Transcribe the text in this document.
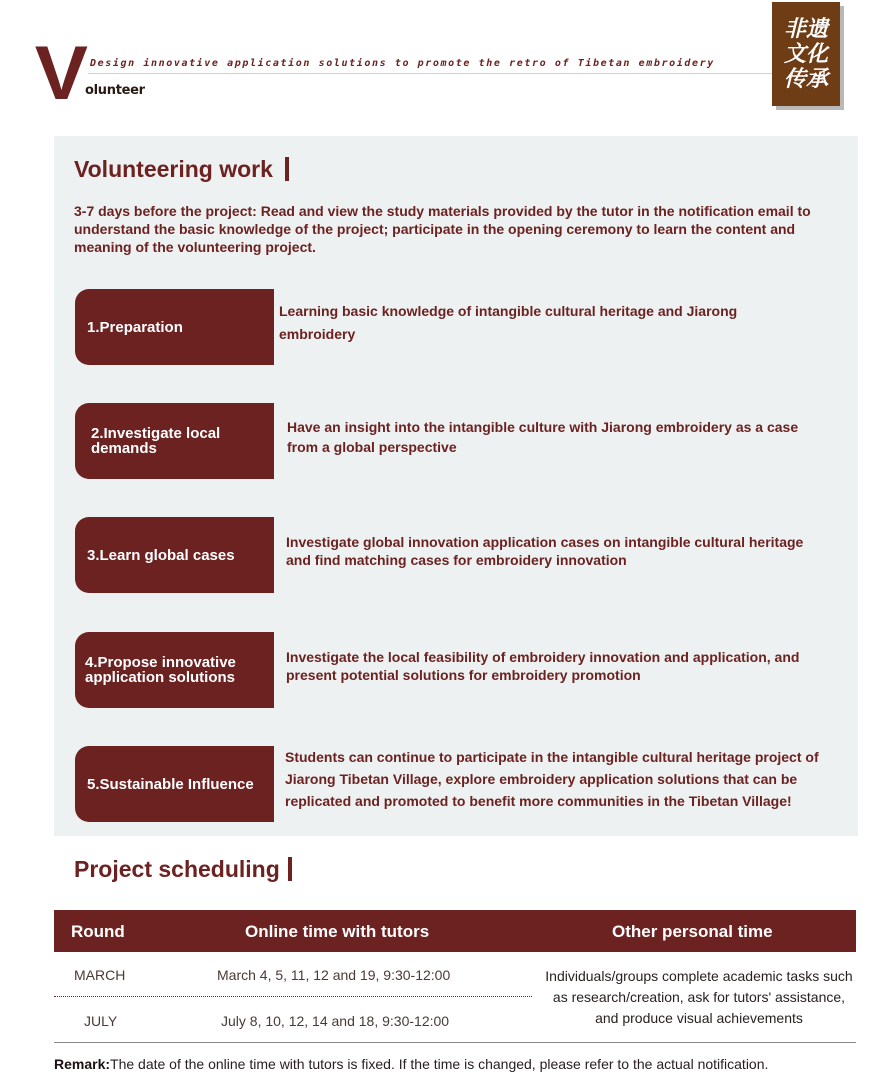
V Design innovative application solutions to promote the retro of Tibetan embroidery
olunteer
非遗文化传承
Volunteering work
3-7 days before the project: Read and view the study materials provided by the tutor in the notification email to understand the basic knowledge of the project; participate in the opening ceremony to learn the content and meaning of the volunteering project.
1.Preparation
Learning basic knowledge of intangible cultural heritage and Jiarong embroidery
2.Investigate local demands
Have an insight into the intangible culture with Jiarong embroidery as a case from a global perspective
3.Learn global cases
Investigate global innovation application cases on intangible cultural heritage and find matching cases for embroidery innovation
4.Propose innovative application solutions
Investigate the local feasibility of embroidery innovation and application, and present potential solutions for embroidery promotion
5.Sustainable Influence
Students can continue to participate in the intangible cultural heritage project of Jiarong Tibetan Village, explore embroidery application solutions that can be replicated and promoted to benefit more communities in the Tibetan Village!
Project scheduling
Round	Online time with tutors	Other personal time
MARCH	March 4, 5, 11, 12 and 19, 9:30-12:00
JULY	July 8, 10, 12, 14 and 18, 9:30-12:00
Individuals/groups complete academic tasks such as research/creation, ask for tutors' assistance, and produce visual achievements
Remark:The date of the online time with tutors is fixed. If the time is changed, please refer to the actual notification.
